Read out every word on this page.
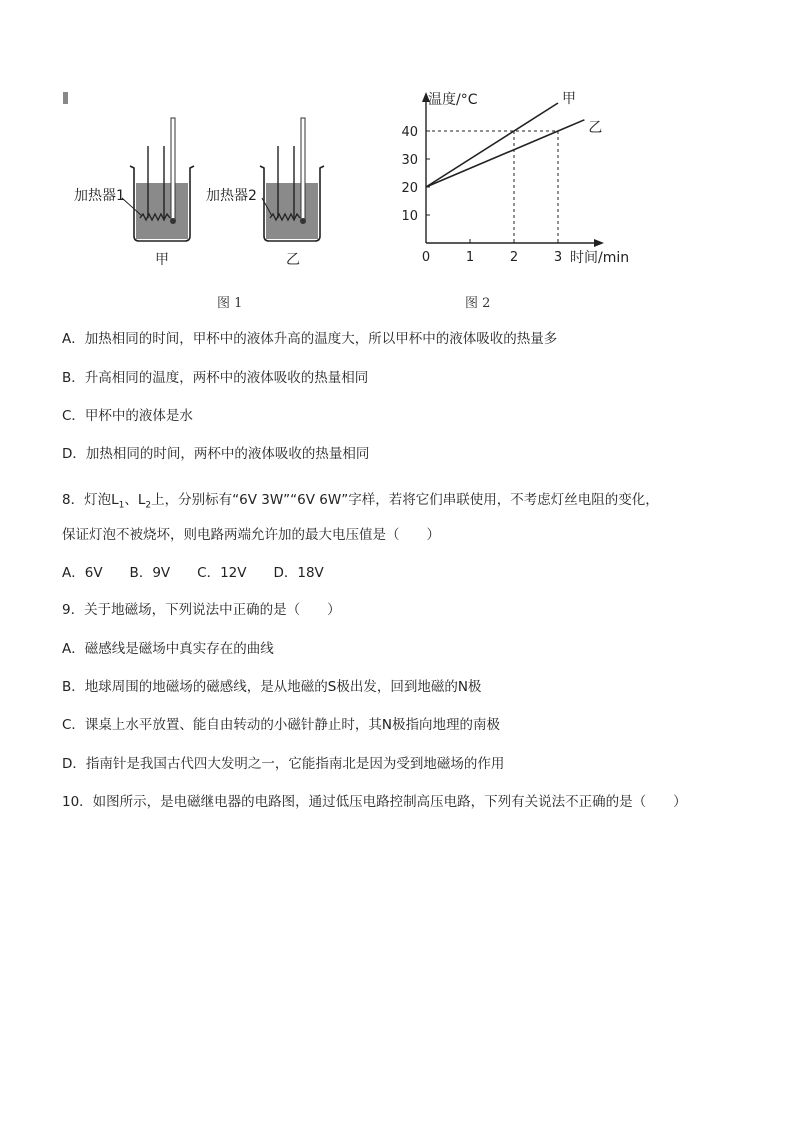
加热器1	加热器2
甲	乙
图 1
温度/°C
时间/min
10
20
30
40
0	1	2	3
甲
乙
图 2
A．加热相同的时间，甲杯中的液体升高的温度大，所以甲杯中的液体吸收的热量多
B．升高相同的温度，两杯中的液体吸收的热量相同
C．甲杯中的液体是水
D．加热相同的时间，两杯中的液体吸收的热量相同
8．灯泡$L_1$、$L_2$上，分别标有“6V 3W”“6V 6W”字样，若将它们串联使用，不考虑灯丝电阻的变化，
保证灯泡不被烧坏，则电路两端允许加的最大电压值是（　　）
A．6V　　B．9V　　C．12V　　D．18V
9．关于地磁场，下列说法中正确的是（　　）
A．磁感线是磁场中真实存在的曲线
B．地球周围的地磁场的磁感线，是从地磁的S极出发，回到地磁的N极
C．课桌上水平放置、能自由转动的小磁针静止时，其N极指向地理的南极
D．指南针是我国古代四大发明之一，它能指南北是因为受到地磁场的作用
10．如图所示，是电磁继电器的电路图，通过低压电路控制高压电路，下列有关说法不正确的是（　　）
